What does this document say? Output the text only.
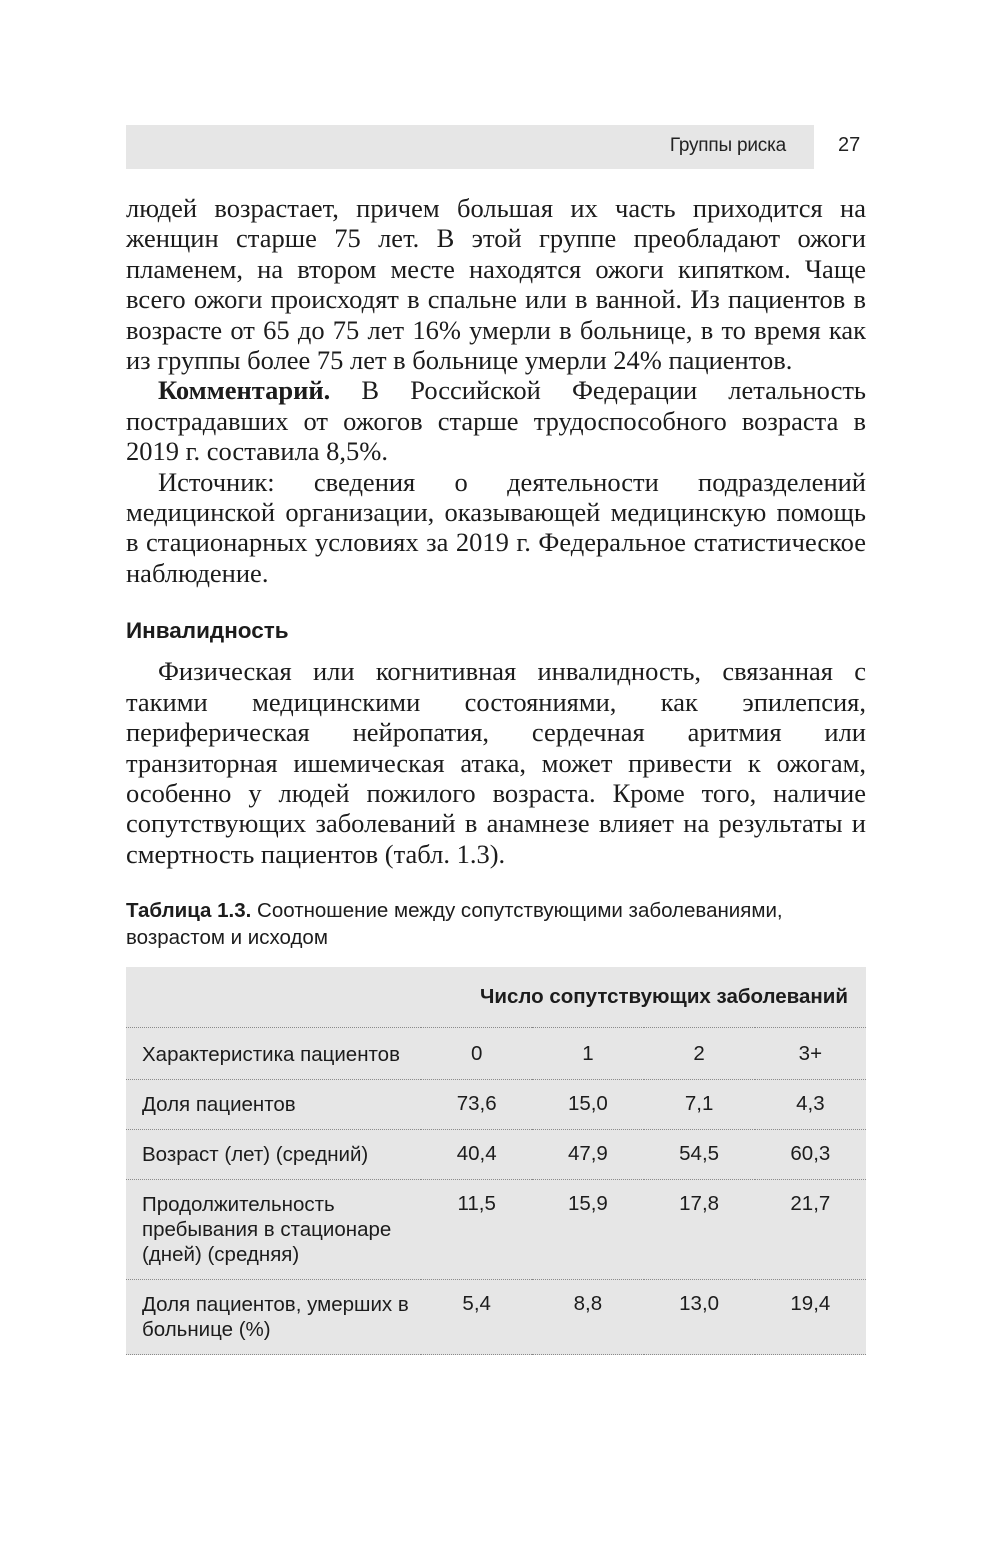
Группы риска	27

людей возрастает, причем большая их часть приходится на женщин старше 75 лет. В этой группе преобладают ожоги пламенем, на втором месте находятся ожоги кипятком. Чаще всего ожоги происходят в спальне или в ванной. Из пациентов в возрасте от 65 до 75 лет 16% умерли в больнице, в то время как из группы более 75 лет в больнице умерли 24% пациентов.

Комментарий. В Российской Федерации летальность пострадавших от ожогов старше трудоспособного возраста в 2019 г. составила 8,5%.

Источник: сведения о деятельности подразделений медицинской организации, оказывающей медицинскую помощь в стационарных условиях за 2019 г. Федеральное статистическое наблюдение.

Инвалидность

Физическая или когнитивная инвалидность, связанная с такими медицинскими состояниями, как эпилепсия, периферическая нейропатия, сердечная аритмия или транзиторная ишемическая атака, может привести к ожогам, особенно у людей пожилого возраста. Кроме того, наличие сопутствующих заболеваний в анамнезе влияет на результаты и смертность пациентов (табл. 1.3).

Таблица 1.3. Соотношение между сопутствующими заболеваниями, возрастом и исходом
	Число сопутствующих заболеваний			
Характеристика пациентов	0	1	2	3+
Доля пациентов	73,6	15,0	7,1	4,3
Возраст (лет) (средний)	40,4	47,9	54,5	60,3
Продолжительность пребывания в стационаре (дней) (средняя)	11,5	15,9	17,8	21,7
Доля пациентов, умерших в больнице (%)	5,4	8,8	13,0	19,4
